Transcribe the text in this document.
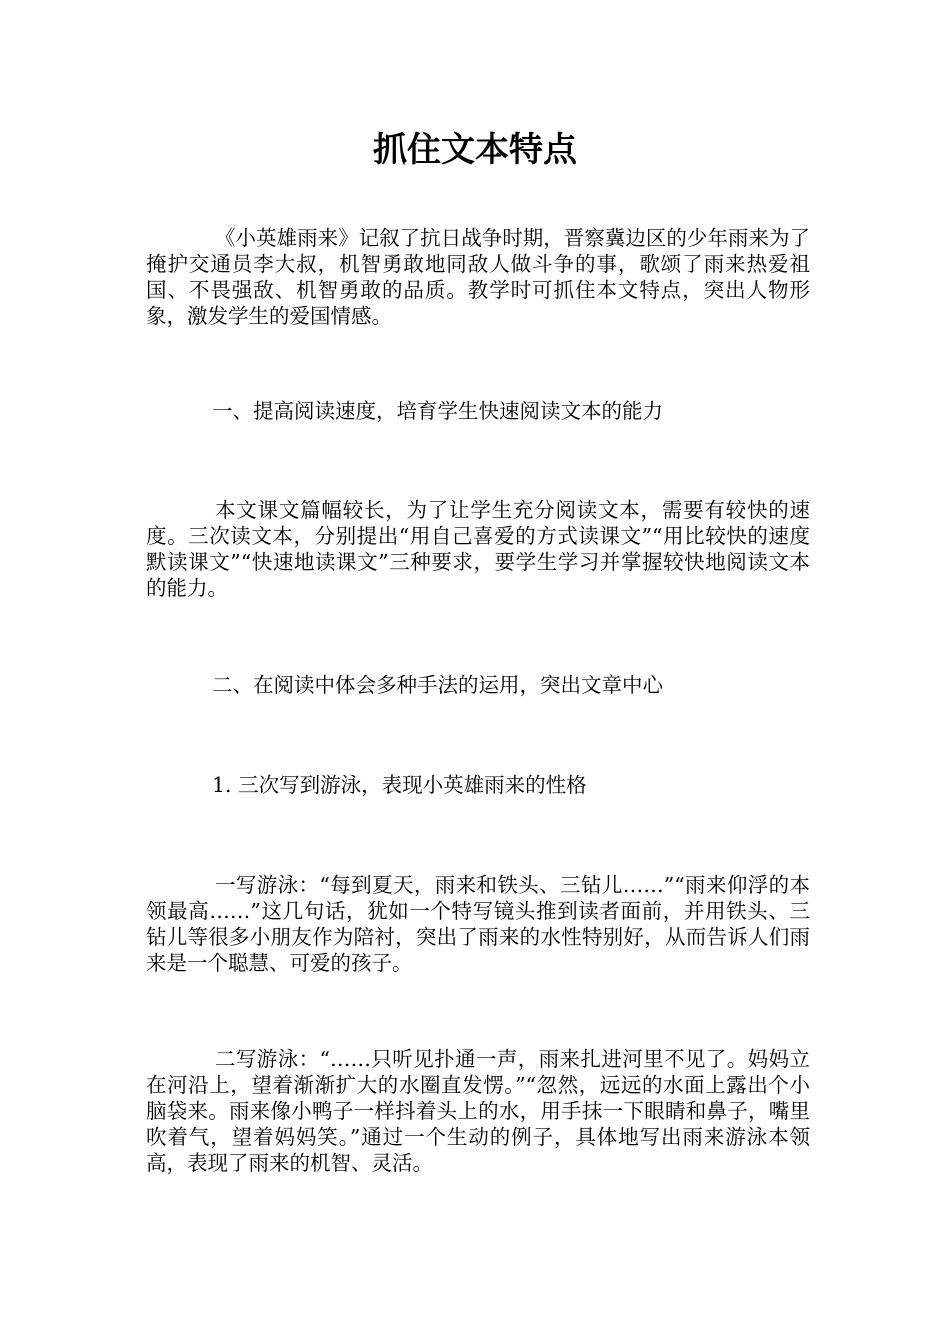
抓住文本特点

《小英雄雨来》记叙了抗日战争时期，晋察冀边区的少年雨来为了掩护交通员李大叔，机智勇敢地同敌人做斗争的事，歌颂了雨来热爱祖国、不畏强敌、机智勇敢的品质。教学时可抓住本文特点，突出人物形象，激发学生的爱国情感。

一、提高阅读速度，培育学生快速阅读文本的能力

本文课文篇幅较长，为了让学生充分阅读文本，需要有较快的速度。三次读文本，分别提出“用自己喜爱的方式读课文”“用比较快的速度默读课文”“快速地读课文”三种要求，要学生学习并掌握较快地阅读文本的能力。

二、在阅读中体会多种手法的运用，突出文章中心

1. 三次写到游泳，表现小英雄雨来的性格

一写游泳：“每到夏天，雨来和铁头、三钻儿……”“雨来仰浮的本领最高……”这几句话，犹如一个特写镜头推到读者面前，并用铁头、三钻儿等很多小朋友作为陪衬，突出了雨来的水性特别好，从而告诉人们雨来是一个聪慧、可爱的孩子。

二写游泳：“……只听见扑通一声，雨来扎进河里不见了。妈妈立在河沿上，望着渐渐扩大的水圈直发愣。”“忽然，远远的水面上露出个小脑袋来。雨来像小鸭子一样抖着头上的水，用手抹一下眼睛和鼻子，嘴里吹着气，望着妈妈笑。”通过一个生动的例子，具体地写出雨来游泳本领高，表现了雨来的机智、灵活。
